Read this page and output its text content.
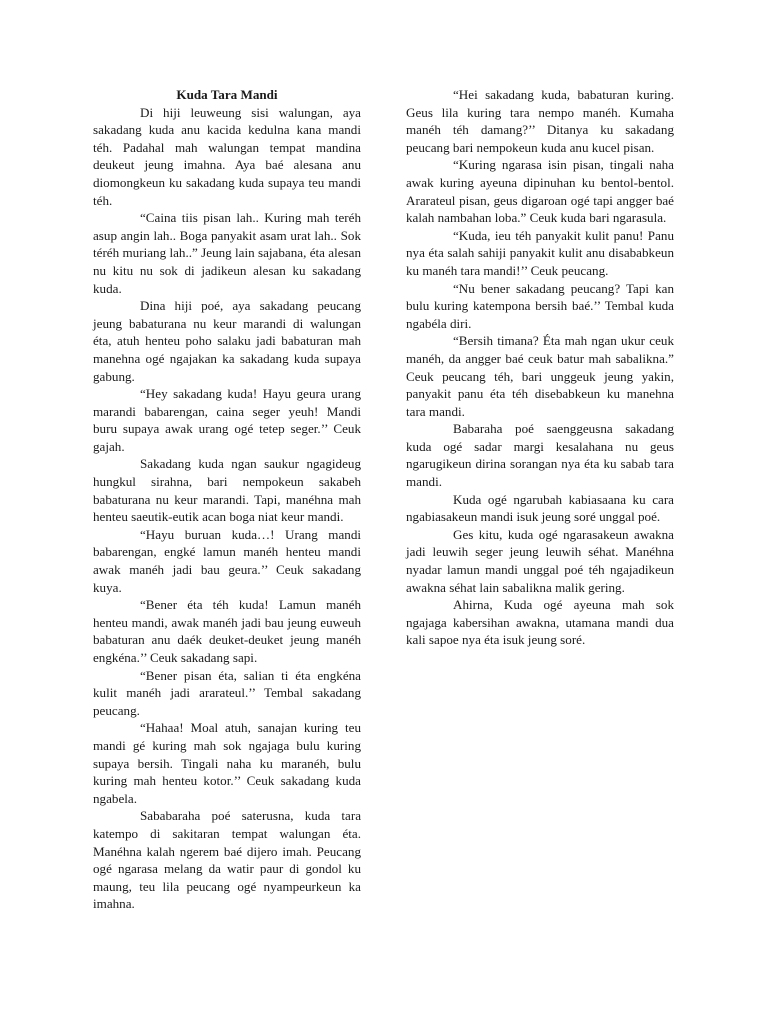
Kuda Tara Mandi

Di hiji leuweung sisi walungan, aya sakadang kuda anu kacida kedulna kana mandi téh. Padahal mah walungan tempat mandina deukeut jeung imahna. Aya baé alesana anu diomongkeun ku sakadang kuda supaya teu mandi téh.

“Caina tiis pisan lah.. Kuring mah teréh asup angin lah.. Boga panyakit asam urat lah.. Sok téréh muriang lah..” Jeung lain sajabana, éta alesan nu kitu nu sok di jadikeun alesan ku sakadang kuda.

Dina hiji poé, aya sakadang peucang jeung babaturana nu keur marandi di walungan éta, atuh henteu poho salaku jadi babaturan mah manehna ogé ngajakan ka sakadang kuda supaya gabung.

“Hey sakadang kuda! Hayu geura urang marandi babarengan, caina seger yeuh! Mandi buru supaya awak urang ogé tetep seger.’’ Ceuk gajah.

Sakadang kuda ngan saukur ngagideug hungkul sirahna, bari nempokeun sakabeh babaturana nu keur marandi. Tapi, manéhna mah henteu saeutik-eutik acan boga niat keur mandi.

“Hayu buruan kuda…! Urang mandi babarengan, engké lamun manéh henteu mandi awak manéh jadi bau geura.’’ Ceuk sakadang kuya.

“Bener éta téh kuda! Lamun manéh henteu mandi, awak manéh jadi bau jeung euweuh babaturan anu daék deuket-deuket jeung manéh engkéna.’’ Ceuk sakadang sapi.

“Bener pisan éta, salian ti éta engkéna kulit manéh jadi ararateul.’’ Tembal sakadang peucang.

“Hahaa! Moal atuh, sanajan kuring teu mandi gé kuring mah sok ngajaga bulu kuring supaya bersih. Tingali naha ku maranéh, bulu kuring mah henteu kotor.’’ Ceuk sakadang kuda ngabela.

Sababaraha poé saterusna, kuda tara katempo di sakitaran tempat walungan éta. Manéhna kalah ngerem baé dijero imah. Peucang ogé ngarasa melang da watir paur di gondol ku maung, teu lila peucang ogé nyampeurkeun ka imahna.

“Hei sakadang kuda, babaturan kuring. Geus lila kuring tara nempo manéh. Kumaha manéh téh damang?’’ Ditanya ku sakadang peucang bari nempokeun kuda anu kucel pisan.

“Kuring ngarasa isin pisan, tingali naha awak kuring ayeuna dipinuhan ku bentol-bentol. Ararateul pisan, geus digaroan ogé tapi angger baé kalah nambahan loba.” Ceuk kuda bari ngarasula.

“Kuda, ieu téh panyakit kulit panu! Panu nya éta salah sahiji panyakit kulit anu disababkeun ku manéh tara mandi!’’ Ceuk peucang.

“Nu bener sakadang peucang? Tapi kan bulu kuring katempona bersih baé.’’ Tembal kuda ngabéla diri.

“Bersih timana? Éta mah ngan ukur ceuk manéh, da angger baé ceuk batur mah sabalikna.” Ceuk peucang téh, bari unggeuk jeung yakin, panyakit panu éta téh disebabkeun ku manehna tara mandi.

Babaraha poé saenggeusna sakadang kuda ogé sadar margi kesalahana nu geus ngarugikeun dirina sorangan nya éta ku sabab tara mandi.

Kuda ogé ngarubah kabiasaana ku cara ngabiasakeun mandi isuk jeung soré unggal poé.

Ges kitu, kuda ogé ngarasakeun awakna jadi leuwih seger jeung leuwih séhat. Manéhna nyadar lamun mandi unggal poé téh ngajadikeun awakna séhat lain sabalikna malik gering.

Ahirna, Kuda ogé ayeuna mah sok ngajaga kabersihan awakna, utamana mandi dua kali sapoe nya éta isuk jeung soré.
